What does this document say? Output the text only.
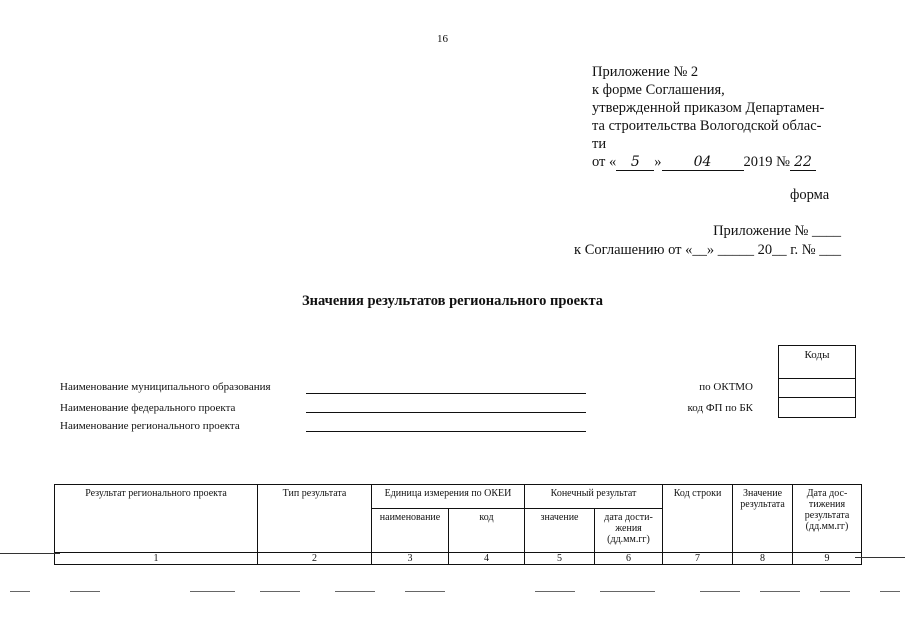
16
Приложение № 2
к форме Соглашения,
утвержденной приказом Департамен-
та строительства Вологодской облас-
ти
от « 5 » 04 2019 № 22
форма
Приложение № ____
к Соглашению от «__» _____ 20__ г. № ___
Значения результатов регионального проекта
Коды
Наименование муниципального образования	по ОКТМО
Наименование федерального проекта	код ФП по БК
Наименование регионального проекта
Результат регионального проекта	Тип результата	Единица измерения по ОКЕИ		Конечный результат		Код строки	Значение результата	Дата дос-тижения результата (дд.мм.гг)
		наименование	код	значение	дата дости-жения (дд.мм.гг)			
1	2	3	4	5	6	7	8	9
